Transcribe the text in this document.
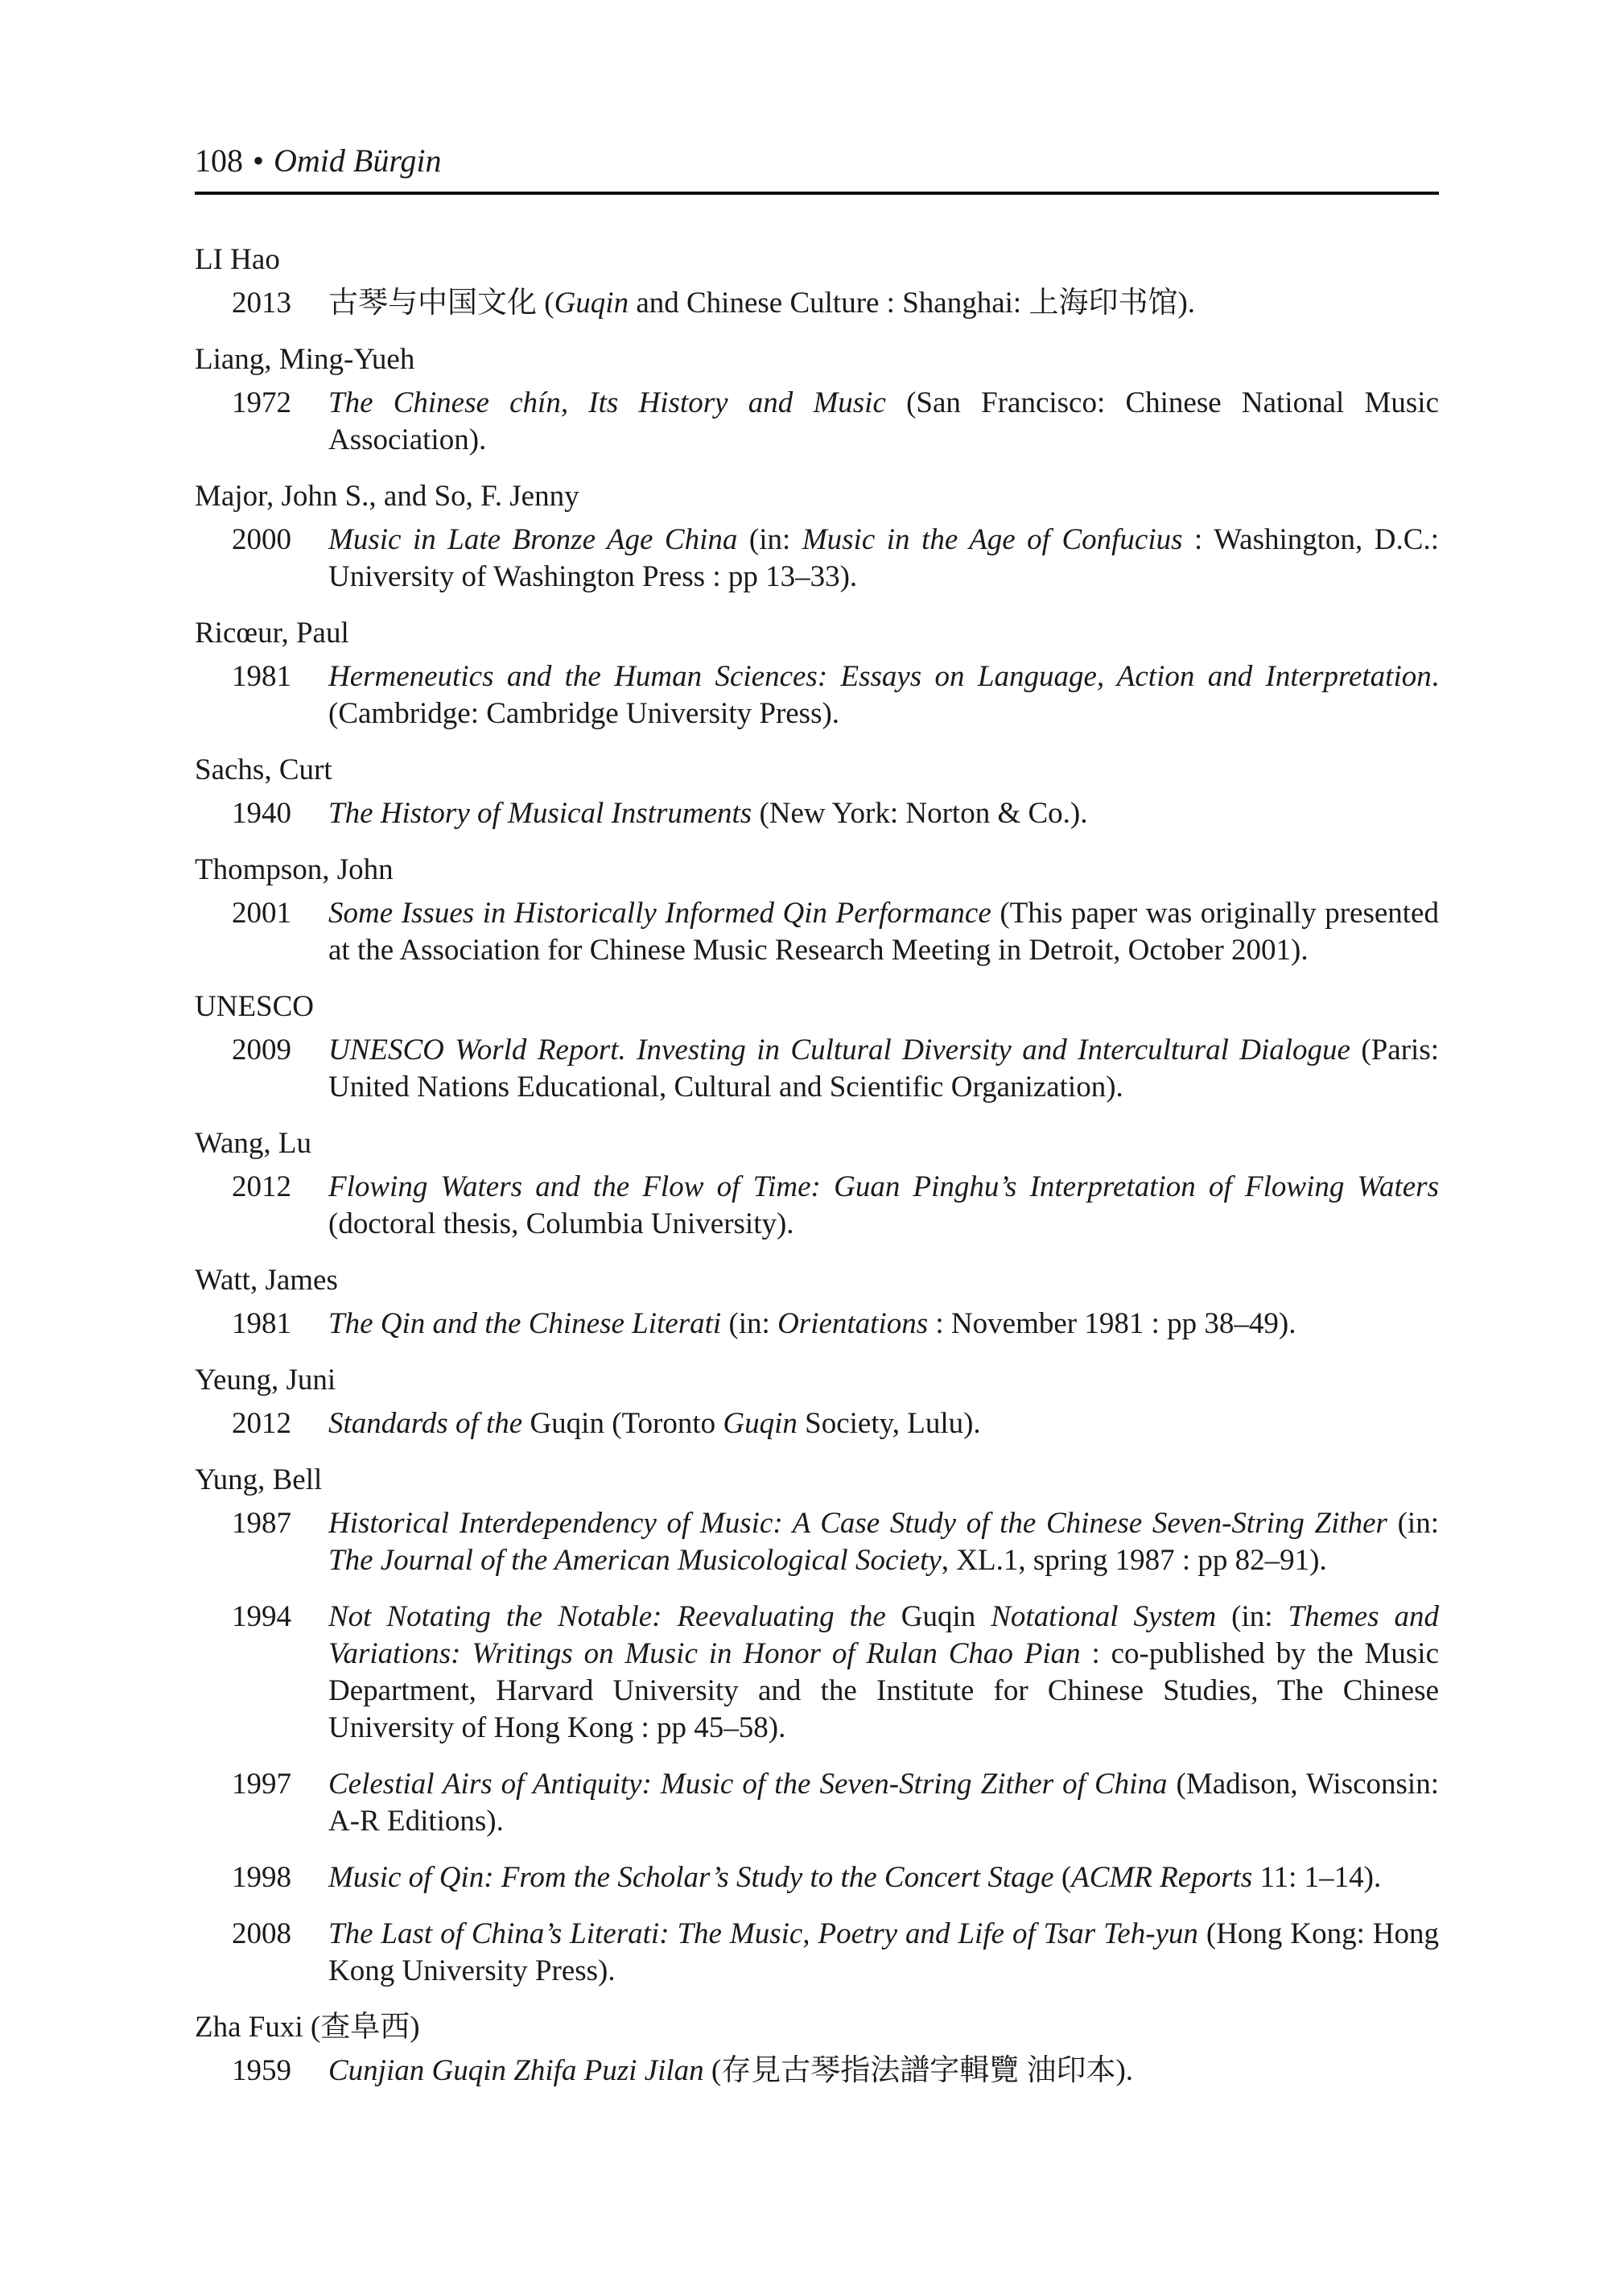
108 • Omid Bürgin
LI Hao
2013 古琴与中国文化 (Guqin and Chinese Culture : Shanghai: 上海印书馆).
Liang, Ming-Yueh
1972 The Chinese chín, Its History and Music (San Francisco: Chinese National Music Association).
Major, John S., and So, F. Jenny
2000 Music in Late Bronze Age China (in: Music in the Age of Confucius : Washington, D.C.: University of Washington Press : pp 13–33).
Ricœur, Paul
1981 Hermeneutics and the Human Sciences: Essays on Language, Action and Interpretation. (Cambridge: Cambridge University Press).
Sachs, Curt
1940 The History of Musical Instruments (New York: Norton & Co.).
Thompson, John
2001 Some Issues in Historically Informed Qin Performance (This paper was originally presented at the Association for Chinese Music Research Meeting in Detroit, October 2001).
UNESCO
2009 UNESCO World Report. Investing in Cultural Diversity and Intercultural Dialogue (Paris: United Nations Educational, Cultural and Scientific Organization).
Wang, Lu
2012 Flowing Waters and the Flow of Time: Guan Pinghu’s Interpretation of Flowing Waters (doctoral thesis, Columbia University).
Watt, James
1981 The Qin and the Chinese Literati (in: Orientations : November 1981 : pp 38–49).
Yeung, Juni
2012 Standards of the Guqin (Toronto Guqin Society, Lulu).
Yung, Bell
1987 Historical Interdependency of Music: A Case Study of the Chinese Seven-String Zither (in: The Journal of the American Musicological Society, XL.1, spring 1987 : pp 82–91).
1994 Not Notating the Notable: Reevaluating the Guqin Notational System (in: Themes and Variations: Writings on Music in Honor of Rulan Chao Pian : co-published by the Music Department, Harvard University and the Institute for Chinese Studies, The Chinese University of Hong Kong : pp 45–58).
1997 Celestial Airs of Antiquity: Music of the Seven-String Zither of China (Madison, Wisconsin: A-R Editions).
1998 Music of Qin: From the Scholar’s Study to the Concert Stage (ACMR Reports 11: 1–14).
2008 The Last of China’s Literati: The Music, Poetry and Life of Tsar Teh-yun (Hong Kong: Hong Kong University Press).
Zha Fuxi (查阜西)
1959 Cunjian Guqin Zhifa Puzi Jilan (存見古琴指法譜字輯覽 油印本).
